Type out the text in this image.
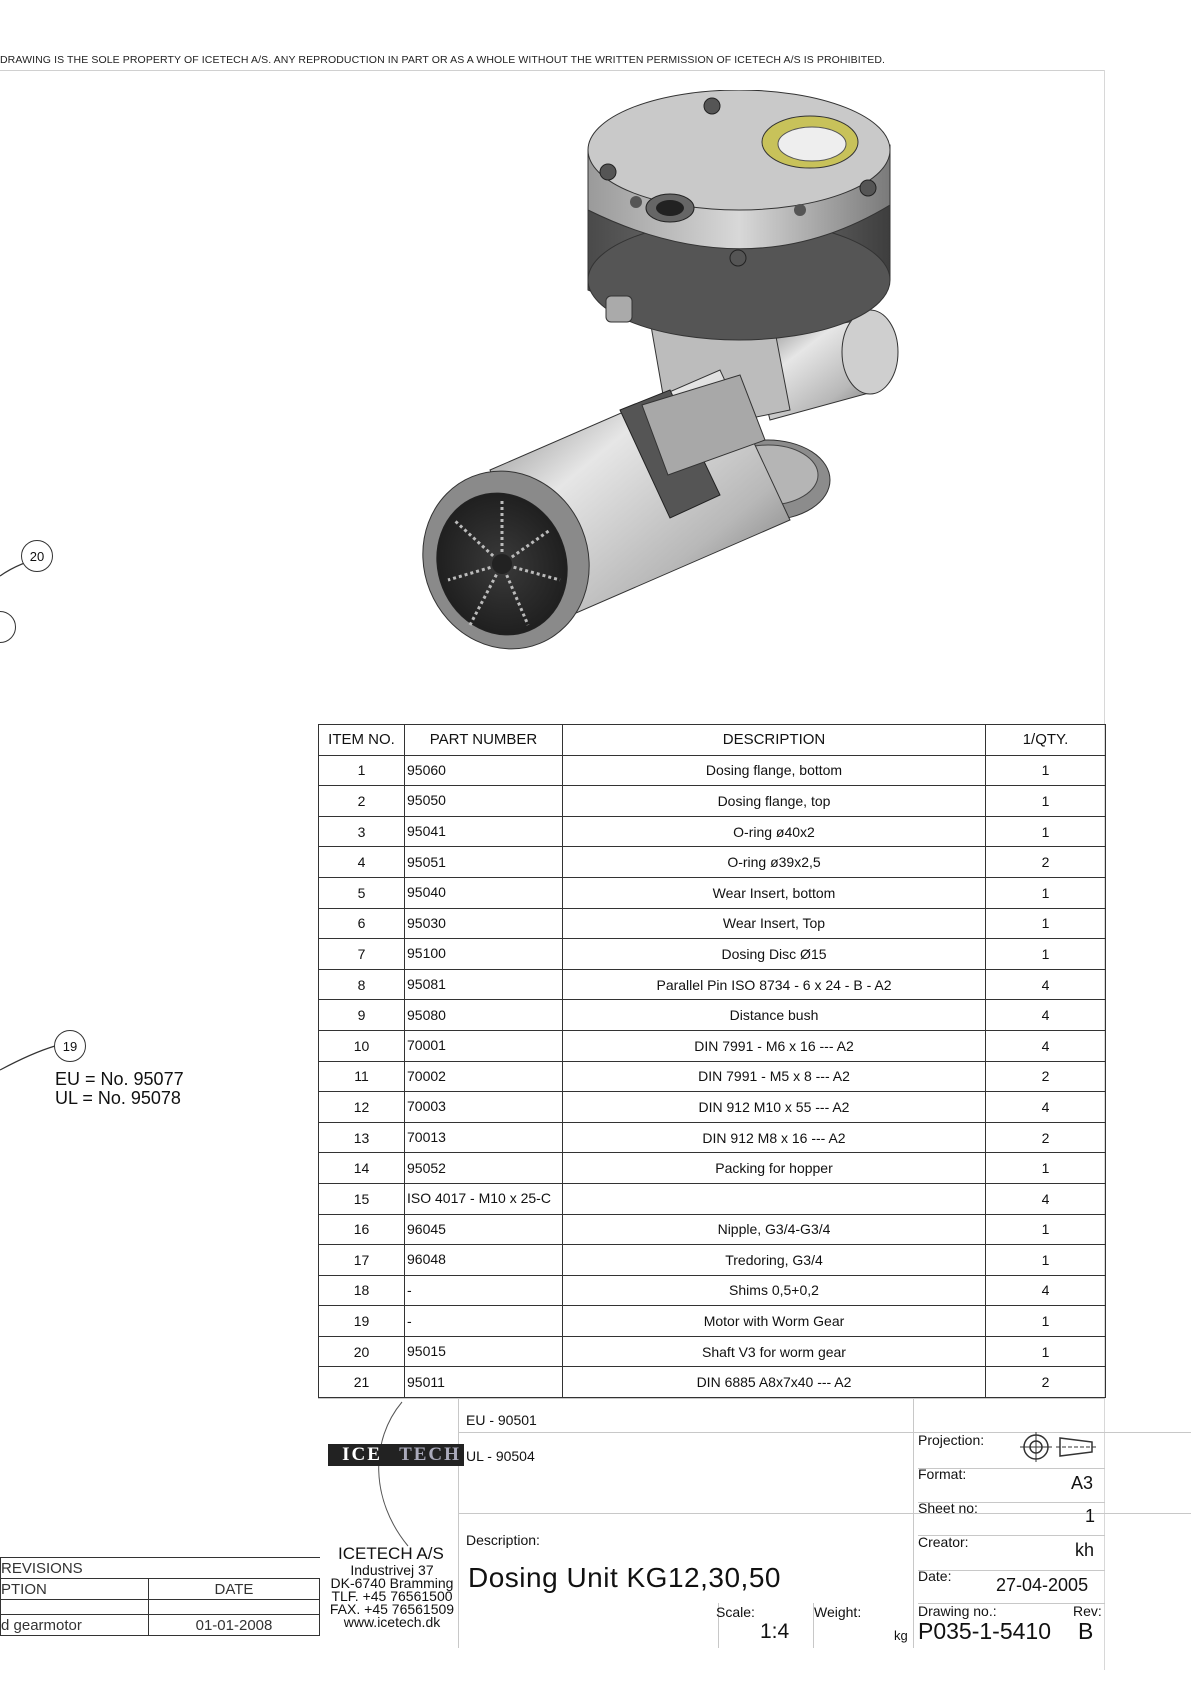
DRAWING IS THE SOLE PROPERTY OF ICETECH A/S. ANY REPRODUCTION IN PART OR AS A WHOLE WITHOUT THE WRITTEN PERMISSION OF ICETECH A/S IS PROHIBITED.
20
19
EU = No. 95077
UL = No. 95078
ITEM NO.	PART NUMBER	DESCRIPTION	1/QTY.
1	95060	Dosing flange, bottom	1
2	95050	Dosing flange, top	1
3	95041	O-ring ø40x2	1
4	95051	O-ring ø39x2,5	2
5	95040	Wear Insert, bottom	1
6	95030	Wear Insert, Top	1
7	95100	Dosing Disc Ø15	1
8	95081	Parallel Pin ISO 8734 - 6 x 24 - B - A2	4
9	95080	Distance bush	4
10	70001	DIN 7991 - M6 x 16 --- A2	4
11	70002	DIN 7991 - M5 x 8 --- A2	2
12	70003	DIN 912 M10 x 55 --- A2	4
13	70013	DIN 912 M8 x 16 --- A2	2
14	95052	Packing for hopper	1
15	ISO 4017 - M10 x 25-C		4
16	96045	Nipple, G3/4-G3/4	1
17	96048	Tredoring, G3/4	1
18	-	Shims 0,5+0,2	4
19	-	Motor with Worm Gear	1
20	95015	Shaft V3 for worm gear	1
21	95011	DIN 6885 A8x7x40 --- A2	2
ICE TECH
EU - 90501
UL - 90504
ICETECH A/S
Industrivej 37
DK-6740 Bramming
TLF. +45 76561500
FAX. +45 76561509
www.icetech.dk
Description:
Dosing Unit KG12,30,50
Scale:
1:4
Weight:
kg
Projection:
Format:	A3
Sheet no:	1
Creator:	kh
Date: 27-04-2005
Drawing no.:	Rev:
P035-1-5410 B
REVISIONS	
PTION	DATE

d gearmotor	01-01-2008
